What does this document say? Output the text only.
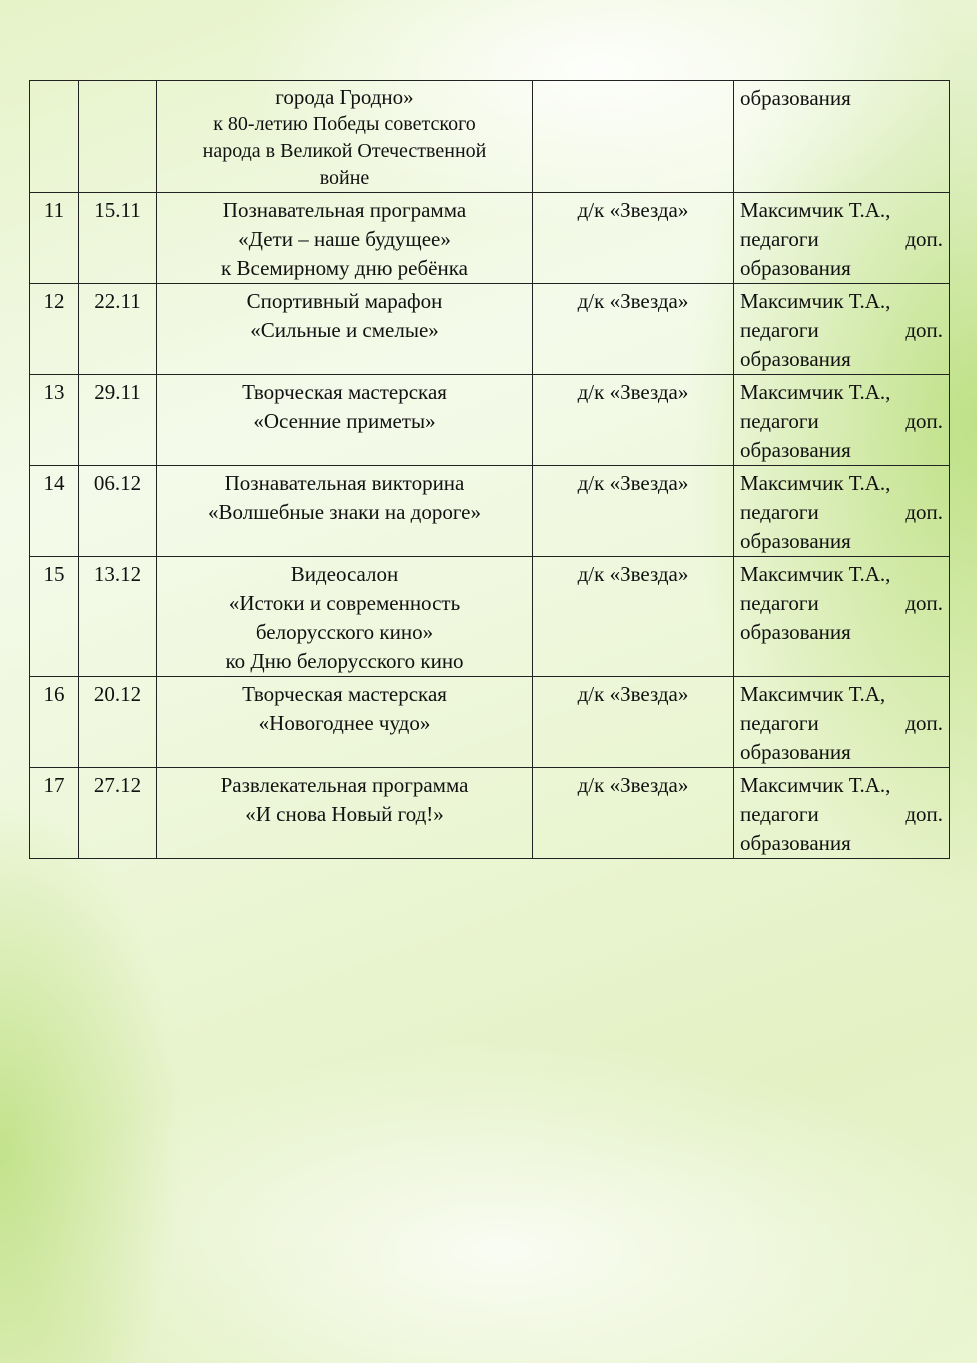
		города Гродно»
к 80-летию Победы советского
народа в Великой Отечественной
войне		образования

11	15.11	Познавательная программа
«Дети – наше будущее»
к Всемирному дню ребёнка	д/к «Звезда»	Максимчик Т.А.,
педагоги доп.
образования

12	22.11	Спортивный марафон
«Сильные и смелые»	д/к «Звезда»	Максимчик Т.А.,
педагоги доп.
образования

13	29.11	Творческая мастерская
«Осенние приметы»	д/к «Звезда»	Максимчик Т.А.,
педагоги доп.
образования

14	06.12	Познавательная викторина
«Волшебные знаки на дороге»	д/к «Звезда»	Максимчик Т.А.,
педагоги доп.
образования

15	13.12	Видеосалон
«Истоки и современность
белорусского кино»
ко Дню белорусского кино	д/к «Звезда»	Максимчик Т.А.,
педагоги доп.
образования

16	20.12	Творческая мастерская
«Новогоднее чудо»	д/к «Звезда»	Максимчик Т.А,
педагоги доп.
образования

17	27.12	Развлекательная программа
«И снова Новый год!»	д/к «Звезда»	Максимчик Т.А.,
педагоги доп.
образования
